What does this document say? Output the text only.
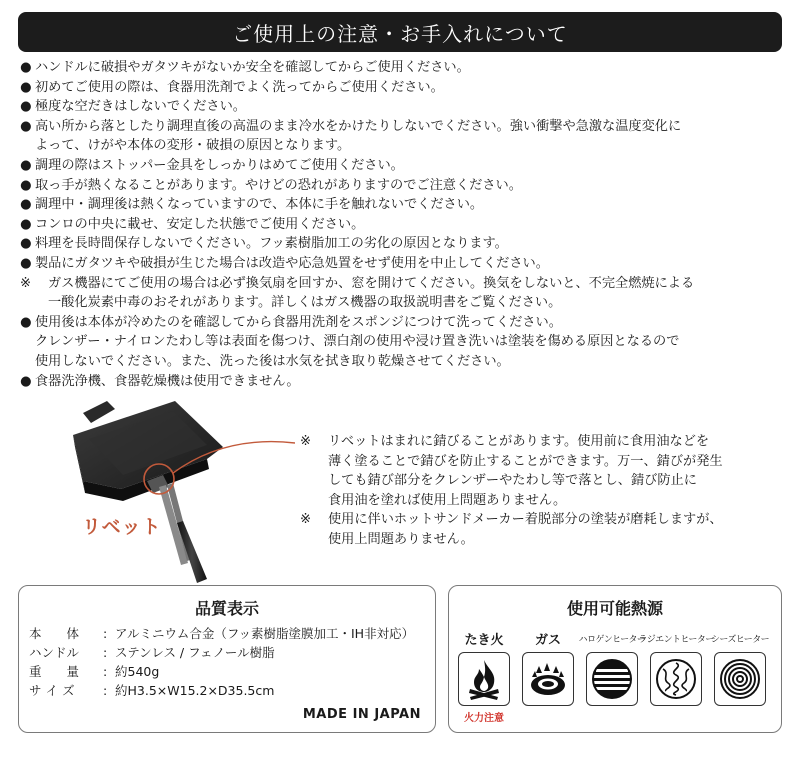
ご使用上の注意・お手入れについて
● ハンドルに破損やガタツキがないか安全を確認してからご使用ください。
● 初めてご使用の際は、食器用洗剤でよく洗ってからご使用ください。
● 極度な空だきはしないでください。
● 高い所から落としたり調理直後の高温のまま冷水をかけたりしないでください。強い衝撃や急激な温度変化に
よって、けがや本体の変形・破損の原因となります。
● 調理の際はストッパー金具をしっかりはめてご使用ください。
● 取っ手が熱くなることがあります。やけどの恐れがありますのでご注意ください。
● 調理中・調理後は熱くなっていますので、本体に手を触れないでください。
● コンロの中央に載せ、安定した状態でご使用ください。
● 料理を長時間保存しないでください。フッ素樹脂加工の劣化の原因となります。
● 製品にガタツキや破損が生じた場合は改造や応急処置をせず使用を中止してください。
※	ガス機器にてご使用の場合は必ず換気扇を回すか、窓を開けてください。換気をしないと、不完全燃焼による
一酸化炭素中毒のおそれがあります。詳しくはガス機器の取扱説明書をご覧ください。
● 使用後は本体が冷めたのを確認してから食器用洗剤をスポンジにつけて洗ってください。
クレンザー・ナイロンたわし等は表面を傷つけ、漂白剤の使用や浸け置き洗いは塗装を傷める原因となるので
使用しないでください。また、洗った後は水気を拭き取り乾燥させてください。
● 食器洗浄機、食器乾燥機は使用できません。
リベット
※	リベットはまれに錆びることがあります。使用前に食用油などを
薄く塗ることで錆びを防止することができます。万一、錆びが発生
しても錆び部分をクレンザーやたわし等で落とし、錆び防止に
食用油を塗れば使用上問題ありません。
※	使用に伴いホットサンドメーカー着脱部分の塗装が磨耗しますが、
使用上問題ありません。
品質表示
本　　体	: アルミニウム合金（フッ素樹脂塗膜加工・IH非対応）
ハンドル	: ステンレス / フェノール樹脂
重　　量	: 約540g
サ イ ズ	: 約H3.5×W15.2×D35.5cm
MADE IN JAPAN
使用可能熱源
たき火
火力注意
ガス	ハロゲンヒーター
ラジエントヒーター
シーズヒーター
